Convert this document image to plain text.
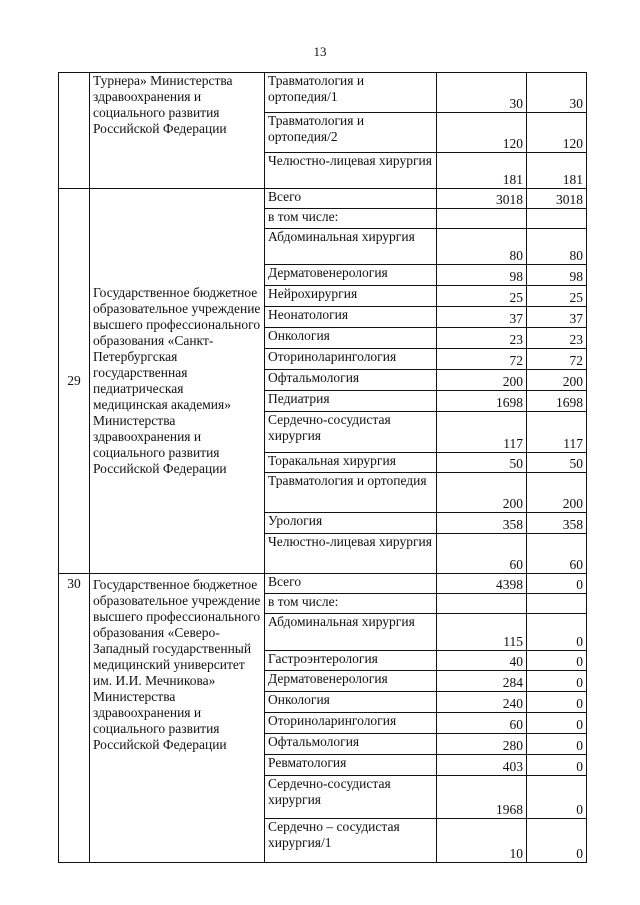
13
	Турнера» Министерства здравоохранения и социального развития Российской Федерации	Травматология и ортопедия/1	30	30
		Травматология и ортопедия/2	120	120
		Челюстно-лицевая хирургия	181	181
29	Государственное бюджетное образовательное учреждение высшего профессионального образования «Санкт-Петербургская государственная педиатрическая медицинская академия» Министерства здравоохранения и социального развития Российской Федерации	Всего	3018	3018
		в том числе:		
		Абдоминальная хирургия	80	80
		Дерматовенерология	98	98
		Нейрохирургия	25	25
		Неонатология	37	37
		Онкология	23	23
		Оториноларингология	72	72
		Офтальмология	200	200
		Педиатрия	1698	1698
		Сердечно-сосудистая хирургия	117	117
		Торакальная хирургия	50	50
		Травматология и ортопедия	200	200
		Урология	358	358
		Челюстно-лицевая хирургия	60	60
30	Государственное бюджетное образовательное учреждение высшего профессионального образования «Северо-Западный государственный медицинский университет им. И.И. Мечникова» Министерства здравоохранения и социального развития Российской Федерации	Всего	4398	0
		в том числе:		
		Абдоминальная хирургия	115	0
		Гастроэнтерология	40	0
		Дерматовенерология	284	0
		Онкология	240	0
		Оториноларингология	60	0
		Офтальмология	280	0
		Ревматология	403	0
		Сердечно-сосудистая хирургия	1968	0
		Сердечно – сосудистая хирургия/1	10	0
